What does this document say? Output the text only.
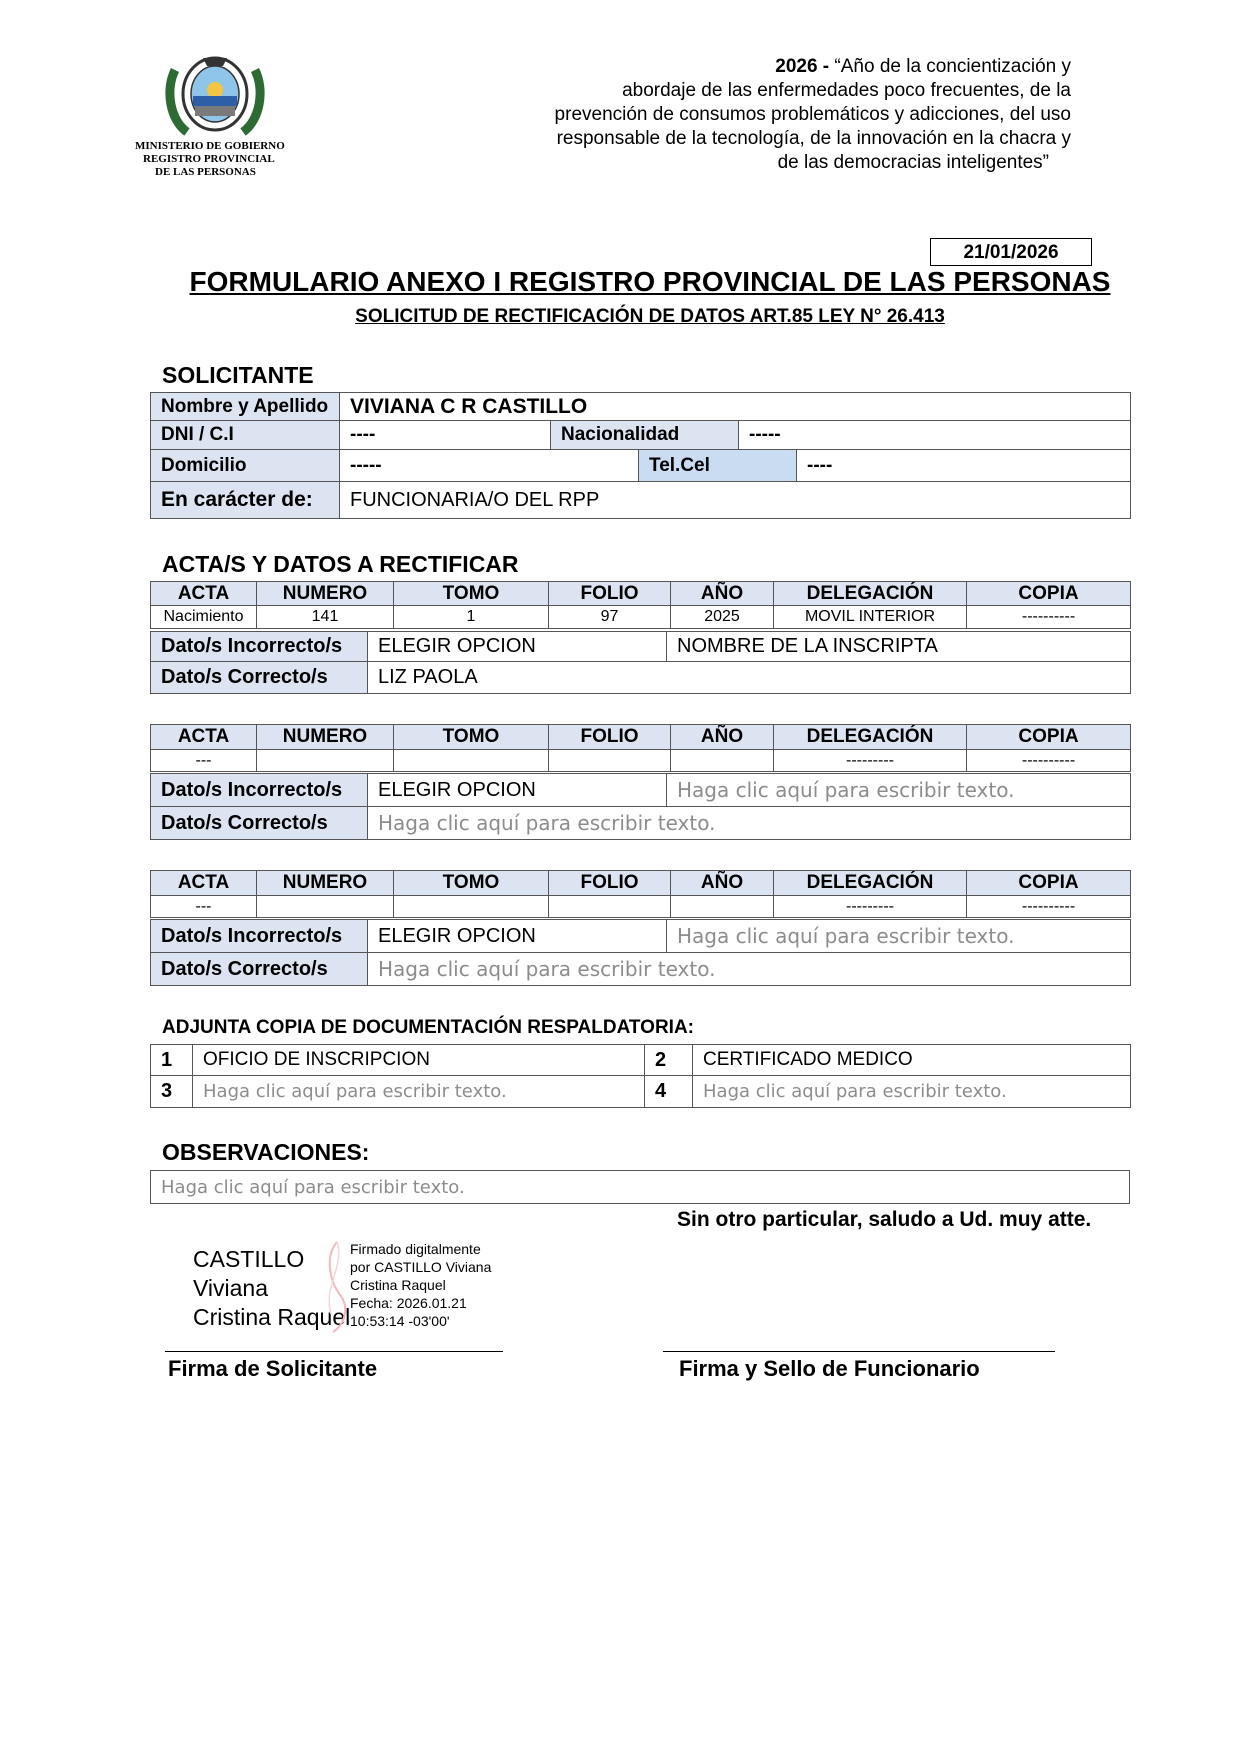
MINISTERIO DE GOBIERNO
REGISTRO PROVINCIAL
DE LAS PERSONAS
2026 - “Año de la concientización y
abordaje de las enfermedades poco frecuentes, de la
prevención de consumos problemáticos y adicciones, del uso
responsable de la tecnología, de la innovación en la chacra y
de las democracias inteligentes”
21/01/2026
FORMULARIO ANEXO I REGISTRO PROVINCIAL DE LAS PERSONAS
SOLICITUD DE RECTIFICACIÓN DE DATOS ART.85 LEY N° 26.413
SOLICITANTE
Nombre y Apellido	VIVIANA C R CASTILLO				
DNI / C.I	----	Nacionalidad		-----	
Domicilio	-----		Tel.Cel		----
En carácter de:	FUNCIONARIA/O DEL RPP				
ACTA/S Y DATOS A RECTIFICAR
ACTA	NUMERO	TOMO	FOLIO	AÑO	DELEGACIÓN	COPIA
Nacimiento	141	1	97	2025	MOVIL INTERIOR	----------
Dato/s Incorrecto/s	ELEGIR OPCION	NOMBRE DE LA INSCRIPTA
Dato/s Correcto/s	LIZ PAOLA	
ACTA	NUMERO	TOMO	FOLIO	AÑO	DELEGACIÓN	COPIA
---					---------	----------
Dato/s Incorrecto/s	ELEGIR OPCION	Haga clic aquí para escribir texto.
Dato/s Correcto/s	Haga clic aquí para escribir texto.	
ACTA	NUMERO	TOMO	FOLIO	AÑO	DELEGACIÓN	COPIA
---					---------	----------
Dato/s Incorrecto/s	ELEGIR OPCION	Haga clic aquí para escribir texto.
Dato/s Correcto/s	Haga clic aquí para escribir texto.	
ADJUNTA COPIA DE DOCUMENTACIÓN RESPALDATORIA:
1	OFICIO DE INSCRIPCION	2	CERTIFICADO MEDICO
3	Haga clic aquí para escribir texto.	4	Haga clic aquí para escribir texto.
OBSERVACIONES:
Haga clic aquí para escribir texto.
Sin otro particular, saludo a Ud. muy atte.
CASTILLO
Viviana
Cristina Raquel
Firmado digitalmente
por CASTILLO Viviana
Cristina Raquel
Fecha: 2026.01.21
10:53:14 -03'00'
Firma de Solicitante	Firma y Sello de Funcionario
